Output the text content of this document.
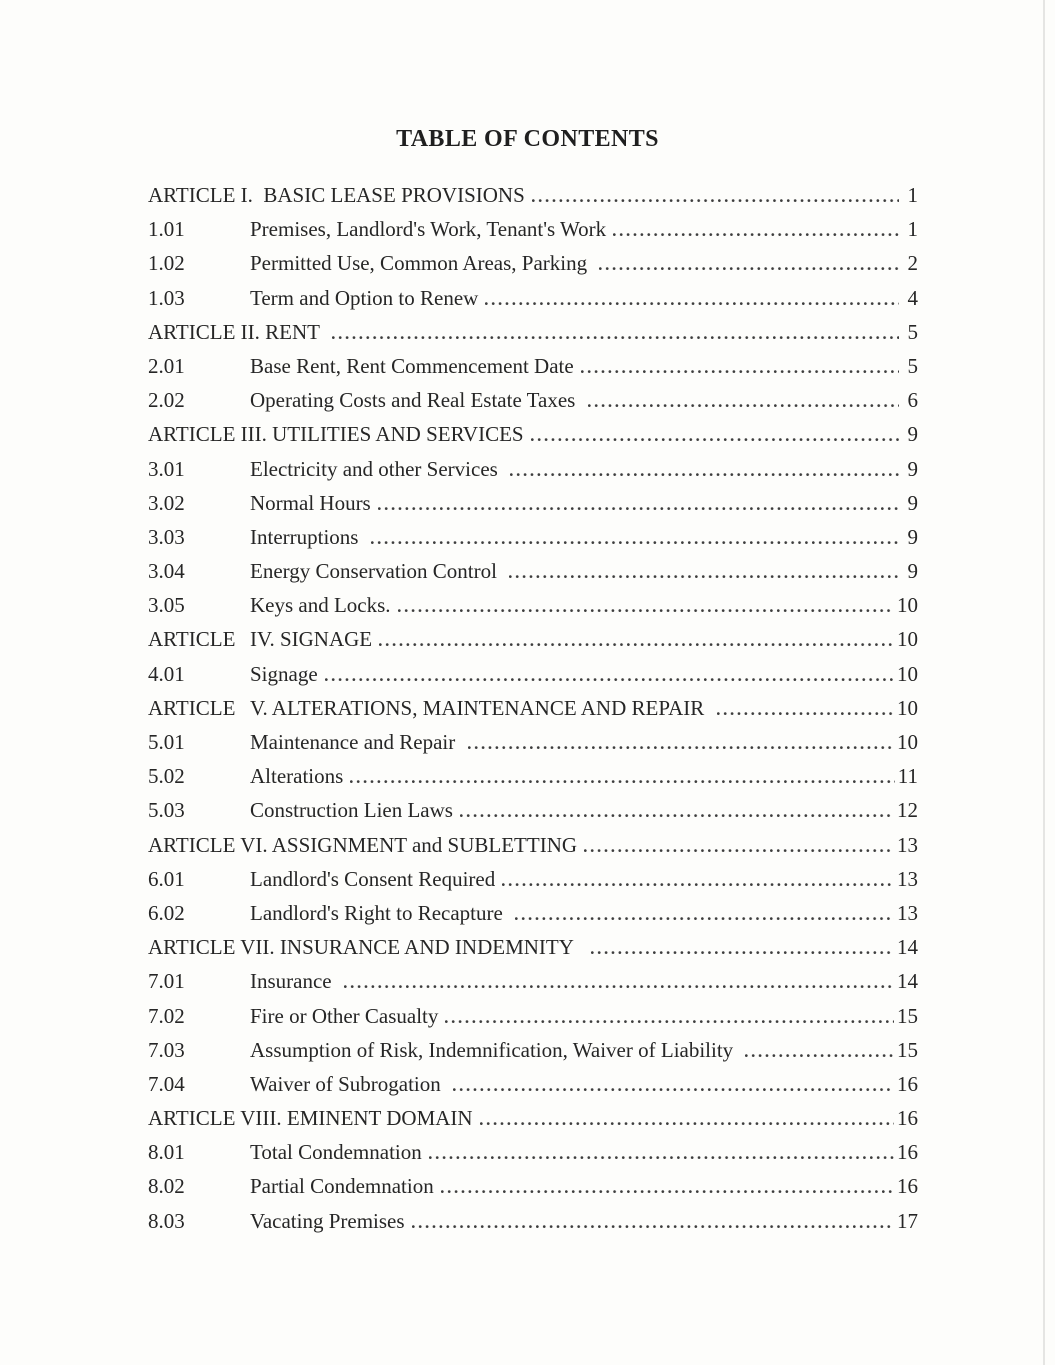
TABLE OF CONTENTS
ARTICLE I.  BASIC LEASE PROVISIONS	1
1.01	Premises, Landlord's Work, Tenant's Work	1
1.02	Permitted Use, Common Areas, Parking	2
1.03	Term and Option to Renew	4
ARTICLE II. RENT	5
2.01	Base Rent, Rent Commencement Date	5
2.02	Operating Costs and Real Estate Taxes	6
ARTICLE III. UTILITIES AND SERVICES	9
3.01	Electricity and other Services	9
3.02	Normal Hours	9
3.03	Interruptions	9
3.04	Energy Conservation Control	9
3.05	Keys and Locks.	10
ARTICLE IV. SIGNAGE	10
4.01	Signage	10
ARTICLE V. ALTERATIONS, MAINTENANCE AND REPAIR	10
5.01	Maintenance and Repair	10
5.02	Alterations	11
5.03	Construction Lien Laws	12
ARTICLE VI. ASSIGNMENT and SUBLETTING	13
6.01	Landlord's Consent Required	13
6.02	Landlord's Right to Recapture	13
ARTICLE VII. INSURANCE AND INDEMNITY	14
7.01	Insurance	14
7.02	Fire or Other Casualty	15
7.03	Assumption of Risk, Indemnification, Waiver of Liability	15
7.04	Waiver of Subrogation	16
ARTICLE VIII. EMINENT DOMAIN	16
8.01	Total Condemnation	16
8.02	Partial Condemnation	16
8.03	Vacating Premises	17
